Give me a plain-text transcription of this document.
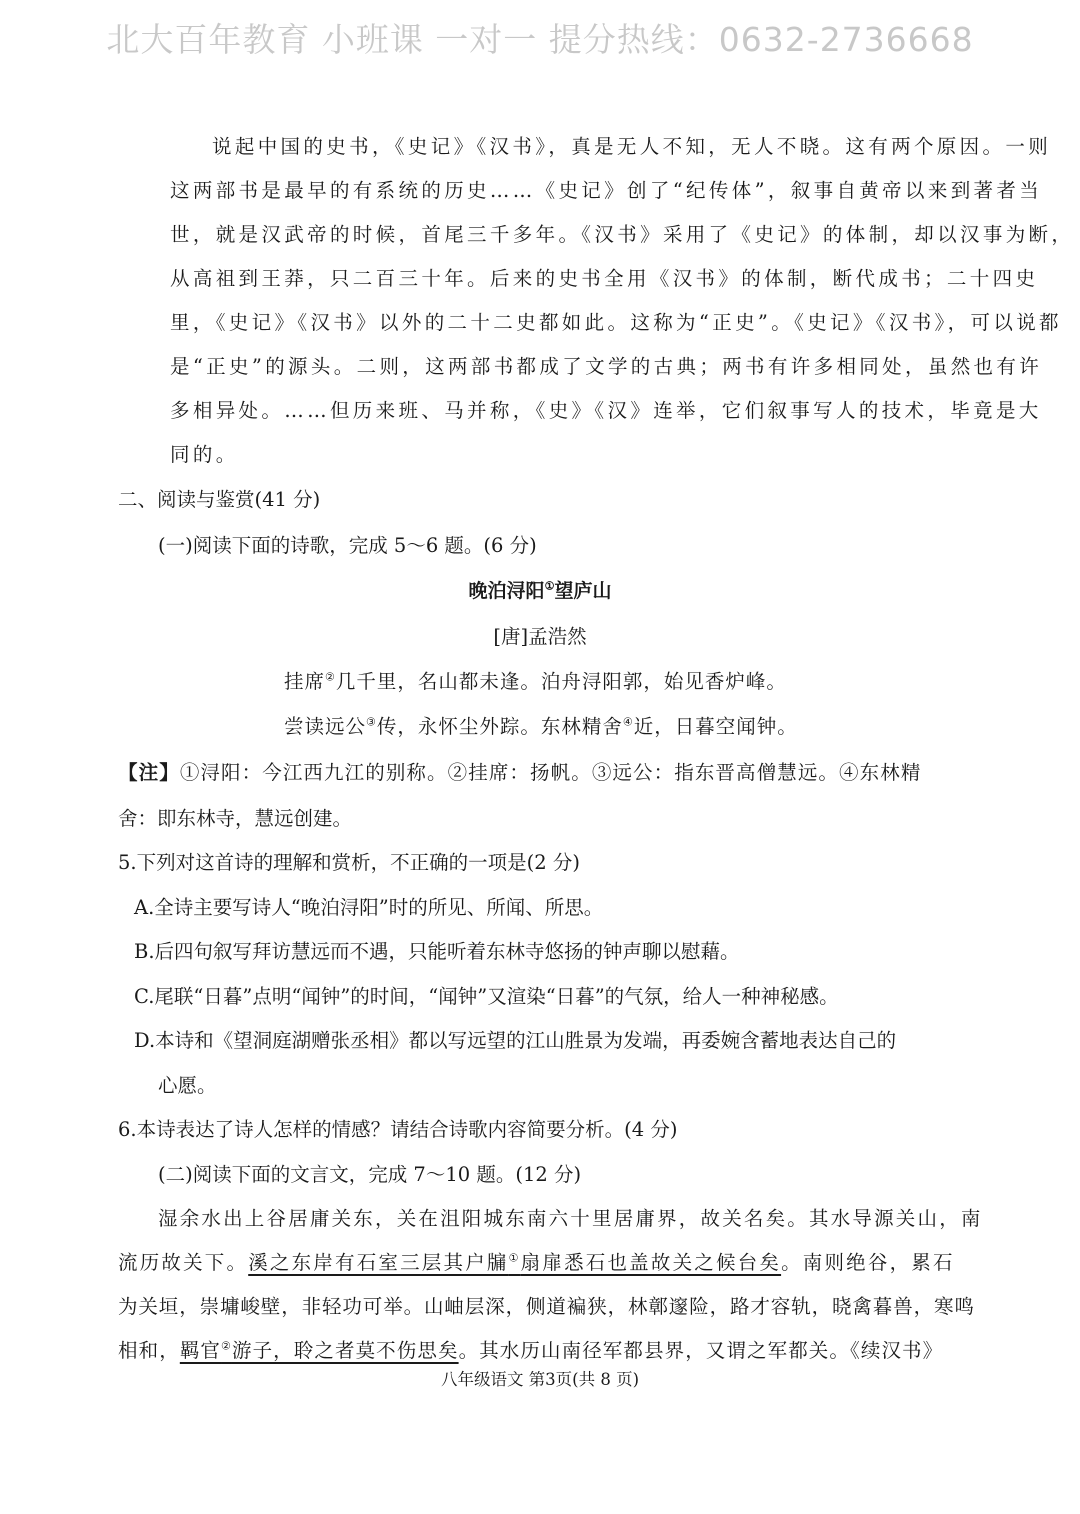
北大百年教育 小班课 一对一 提分热线：0632-2736668
说起中国的史书，《史记》《汉书》，真是无人不知，无人不晓。这有两个原因。一则
这两部书是最早的有系统的历史……《史记》创了“纪传体”，叙事自黄帝以来到著者当
世，就是汉武帝的时候，首尾三千多年。《汉书》采用了《史记》的体制，却以汉事为断，
从高祖到王莽，只二百三十年。后来的史书全用《汉书》的体制，断代成书；二十四史
里，《史记》《汉书》以外的二十二史都如此。这称为“正史”。《史记》《汉书》，可以说都
是“正史”的源头。二则，这两部书都成了文学的古典；两书有许多相同处，虽然也有许
多相异处。……但历来班、马并称，《史》《汉》连举，它们叙事写人的技术，毕竟是大
同的。
二、阅读与鉴赏(41 分)
(一)阅读下面的诗歌，完成 5～6 题。(6 分)
晚泊浔阳①望庐山
[唐]孟浩然
挂席②几千里，名山都未逢。泊舟浔阳郭，始见香炉峰。
尝读远公③传，永怀尘外踪。东林精舍④近，日暮空闻钟。
【注】①浔阳：今江西九江的别称。②挂席：扬帆。③远公：指东晋高僧慧远。④东林精
舍：即东林寺，慧远创建。
5.下列对这首诗的理解和赏析，不正确的一项是(2 分)
A.全诗主要写诗人“晚泊浔阳”时的所见、所闻、所思。
B.后四句叙写拜访慧远而不遇，只能听着东林寺悠扬的钟声聊以慰藉。
C.尾联“日暮”点明“闻钟”的时间，“闻钟”又渲染“日暮”的气氛，给人一种神秘感。
D.本诗和《望洞庭湖赠张丞相》都以写远望的江山胜景为发端，再委婉含蓄地表达自己的
心愿。
6.本诗表达了诗人怎样的情感？请结合诗歌内容简要分析。(4 分)
(二)阅读下面的文言文，完成 7～10 题。(12 分)
湿余水出上谷居庸关东，关在沮阳城东南六十里居庸界，故关名矣。其水导源关山，南
流历故关下。溪之东岸有石室三层其户牖①扇扉悉石也盖故关之候台矣。南则绝谷，累石
为关垣，崇墉峻壁，非轻功可举。山岫层深，侧道褊狭，林鄣邃险，路才容轨，晓禽暮兽，寒鸣
相和，羁官②游子，聆之者莫不伤思矣。其水历山南径军都县界，又谓之军都关。《续汉书》
八年级语文 第3页(共 8 页)
